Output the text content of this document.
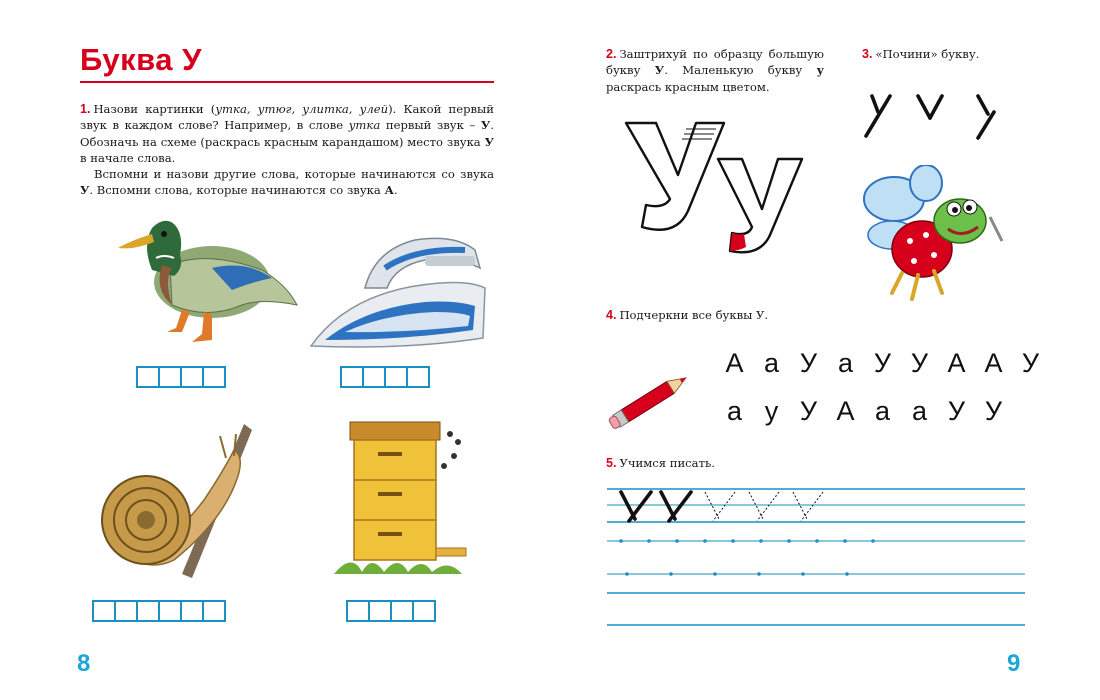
Буква У

1. Назови картинки (утка, утюг, улитка, улей). Какой первый звук в каждом слове? Например, в слове утка первый звук – У. Обозначь на схеме (раскрась красным карандашом) место звука У в начале слова.

Вспомни и назови другие слова, которые начинаются со звука У. Вспомни слова, которые начинаются со звука А.

8

2. Заштрихуй по образцу большую букву У. Маленькую букву у раскрась красным цветом.

3. «Почини» букву.

4. Подчеркни все буквы У.

А а У а У У А А У
а у У А а а У У

5. Учимся писать.

9
